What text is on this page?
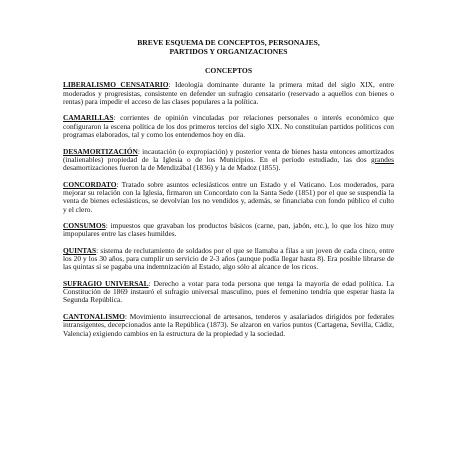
BREVE ESQUEMA DE CONCEPTOS, PERSONAJES,
PARTIDOS Y ORGANIZACIONES

CONCEPTOS

LIBERALISMO CENSATARIO: Ideología dominante durante la primera mitad del siglo XIX, entre moderados y progresistas, consistente en defender un sufragio censatario (reservado a aquellos con bienes o rentas) para impedir el acceso de las clases populares a la política.

CAMARILLAS: corrientes de opinión vinculadas por relaciones personales o interés económico que configuraron la escena política de los dos primeros tercios del siglo XIX. No constituían partidos políticos con programas elaborados, tal y como los entendemos hoy en día.

DESAMORTIZACIÓN: incautación (o expropiación) y posterior venta de bienes hasta entonces amortizados (inalienables) propiedad de la Iglesia o de los Municipios. En el período estudiado, las dos grandes desamortizaciones fueron la de Mendizábal (1836) y la de Madoz (1855).

CONCORDATO: Tratado sobre asuntos eclesiásticos entre un Estado y el Vaticano. Los moderados, para mejorar su relación con la Iglesia, firmaron un Concordato con la Santa Sede (1851) por el que se suspendía la venta de bienes eclesiásticos, se devolvían los no vendidos y, además, se financiaba con fondo público el culto y el clero.

CONSUMOS: impuestos que gravaban los productos básicos (carne, pan, jabón, etc.), lo que los hizo muy impopulares entre las clases humildes.

QUINTAS: sistema de reclutamiento de soldados por el que se llamaba a filas a un joven de cada cinco, entre los 20 y los 30 años, para cumplir un servicio de 2-3 años (aunque podía llegar hasta 8). Era posible librarse de las quintas si se pagaba una indemnización al Estado, algo sólo al alcance de los ricos.

SUFRAGIO UNIVERSAL: Derecho a votar para toda persona que tenga la mayoría de edad política. La Constitución de 1869 instauró el sufragio universal masculino, pues el femenino tendría que esperar hasta la Segunda República.

CANTONALISMO: Movimiento insurreccional de artesanos, tenderos y asalariados dirigidos por federales intransigentes, decepcionados ante la República (1873). Se alzaron en varios puntos (Cartagena, Sevilla, Cádiz, Valencia) exigiendo cambios en la estructura de la propiedad y la sociedad.
